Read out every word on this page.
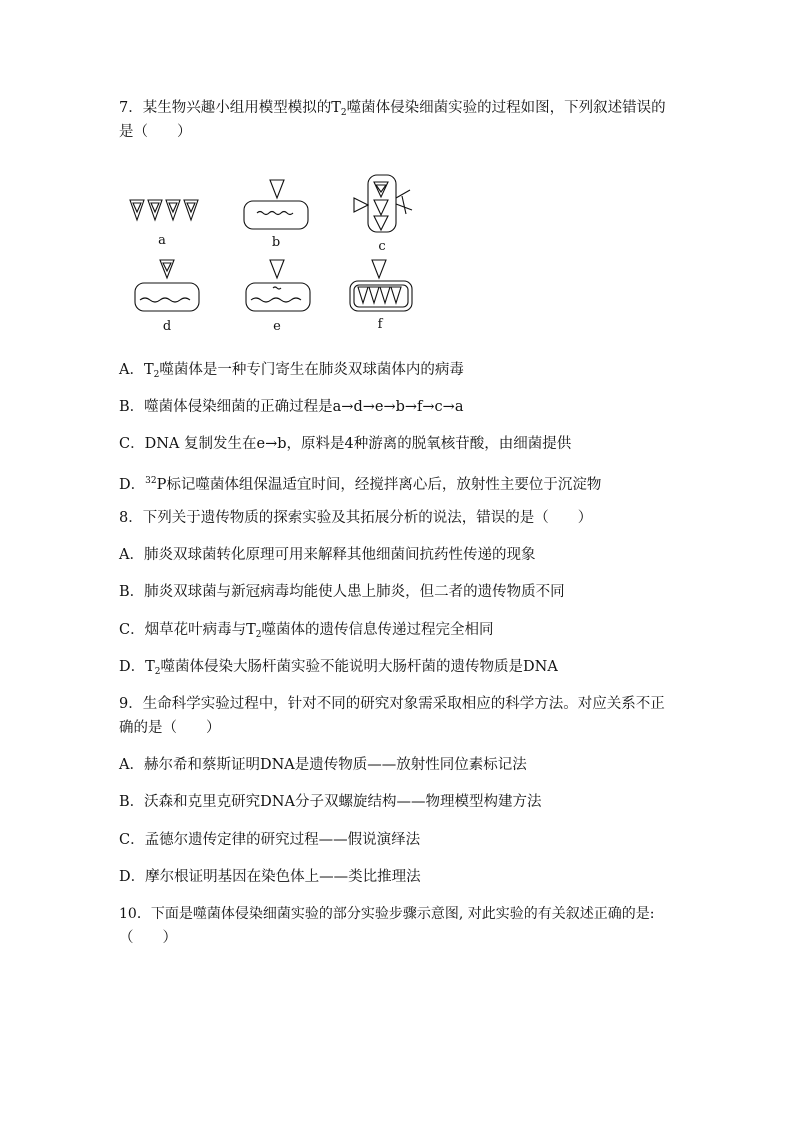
7．某生物兴趣小组用模型模拟的$T_2$噬菌体侵染细菌实验的过程如图，下列叙述错误的
是（　　）
a	b	c
d	e	f
A．$T_2$噬菌体是一种专门寄生在肺炎双球菌体内的病毒
B．噬菌体侵染细菌的正确过程是a→d→e→b→f→c→a
C．DNA 复制发生在e→b，原料是4种游离的脱氧核苷酸，由细菌提供
D．$^{32}$P标记噬菌体组保温适宜时间，经搅拌离心后，放射性主要位于沉淀物
8．下列关于遗传物质的探索实验及其拓展分析的说法，错误的是（　　）
A．肺炎双球菌转化原理可用来解释其他细菌间抗药性传递的现象
B．肺炎双球菌与新冠病毒均能使人患上肺炎，但二者的遗传物质不同
C．烟草花叶病毒与$T_2$噬菌体的遗传信息传递过程完全相同
D．$T_2$噬菌体侵染大肠杆菌实验不能说明大肠杆菌的遗传物质是DNA
9．生命科学实验过程中，针对不同的研究对象需采取相应的科学方法。对应关系不正
确的是（　　）
A．赫尔希和蔡斯证明DNA是遗传物质——放射性同位素标记法
B．沃森和克里克研究DNA分子双螺旋结构——物理模型构建方法
C．孟德尔遗传定律的研究过程——假说演绎法
D．摩尔根证明基因在染色体上——类比推理法
10．下面是噬菌体侵染细菌实验的部分实验步骤示意图, 对此实验的有关叙述正确的是:
（　　）
